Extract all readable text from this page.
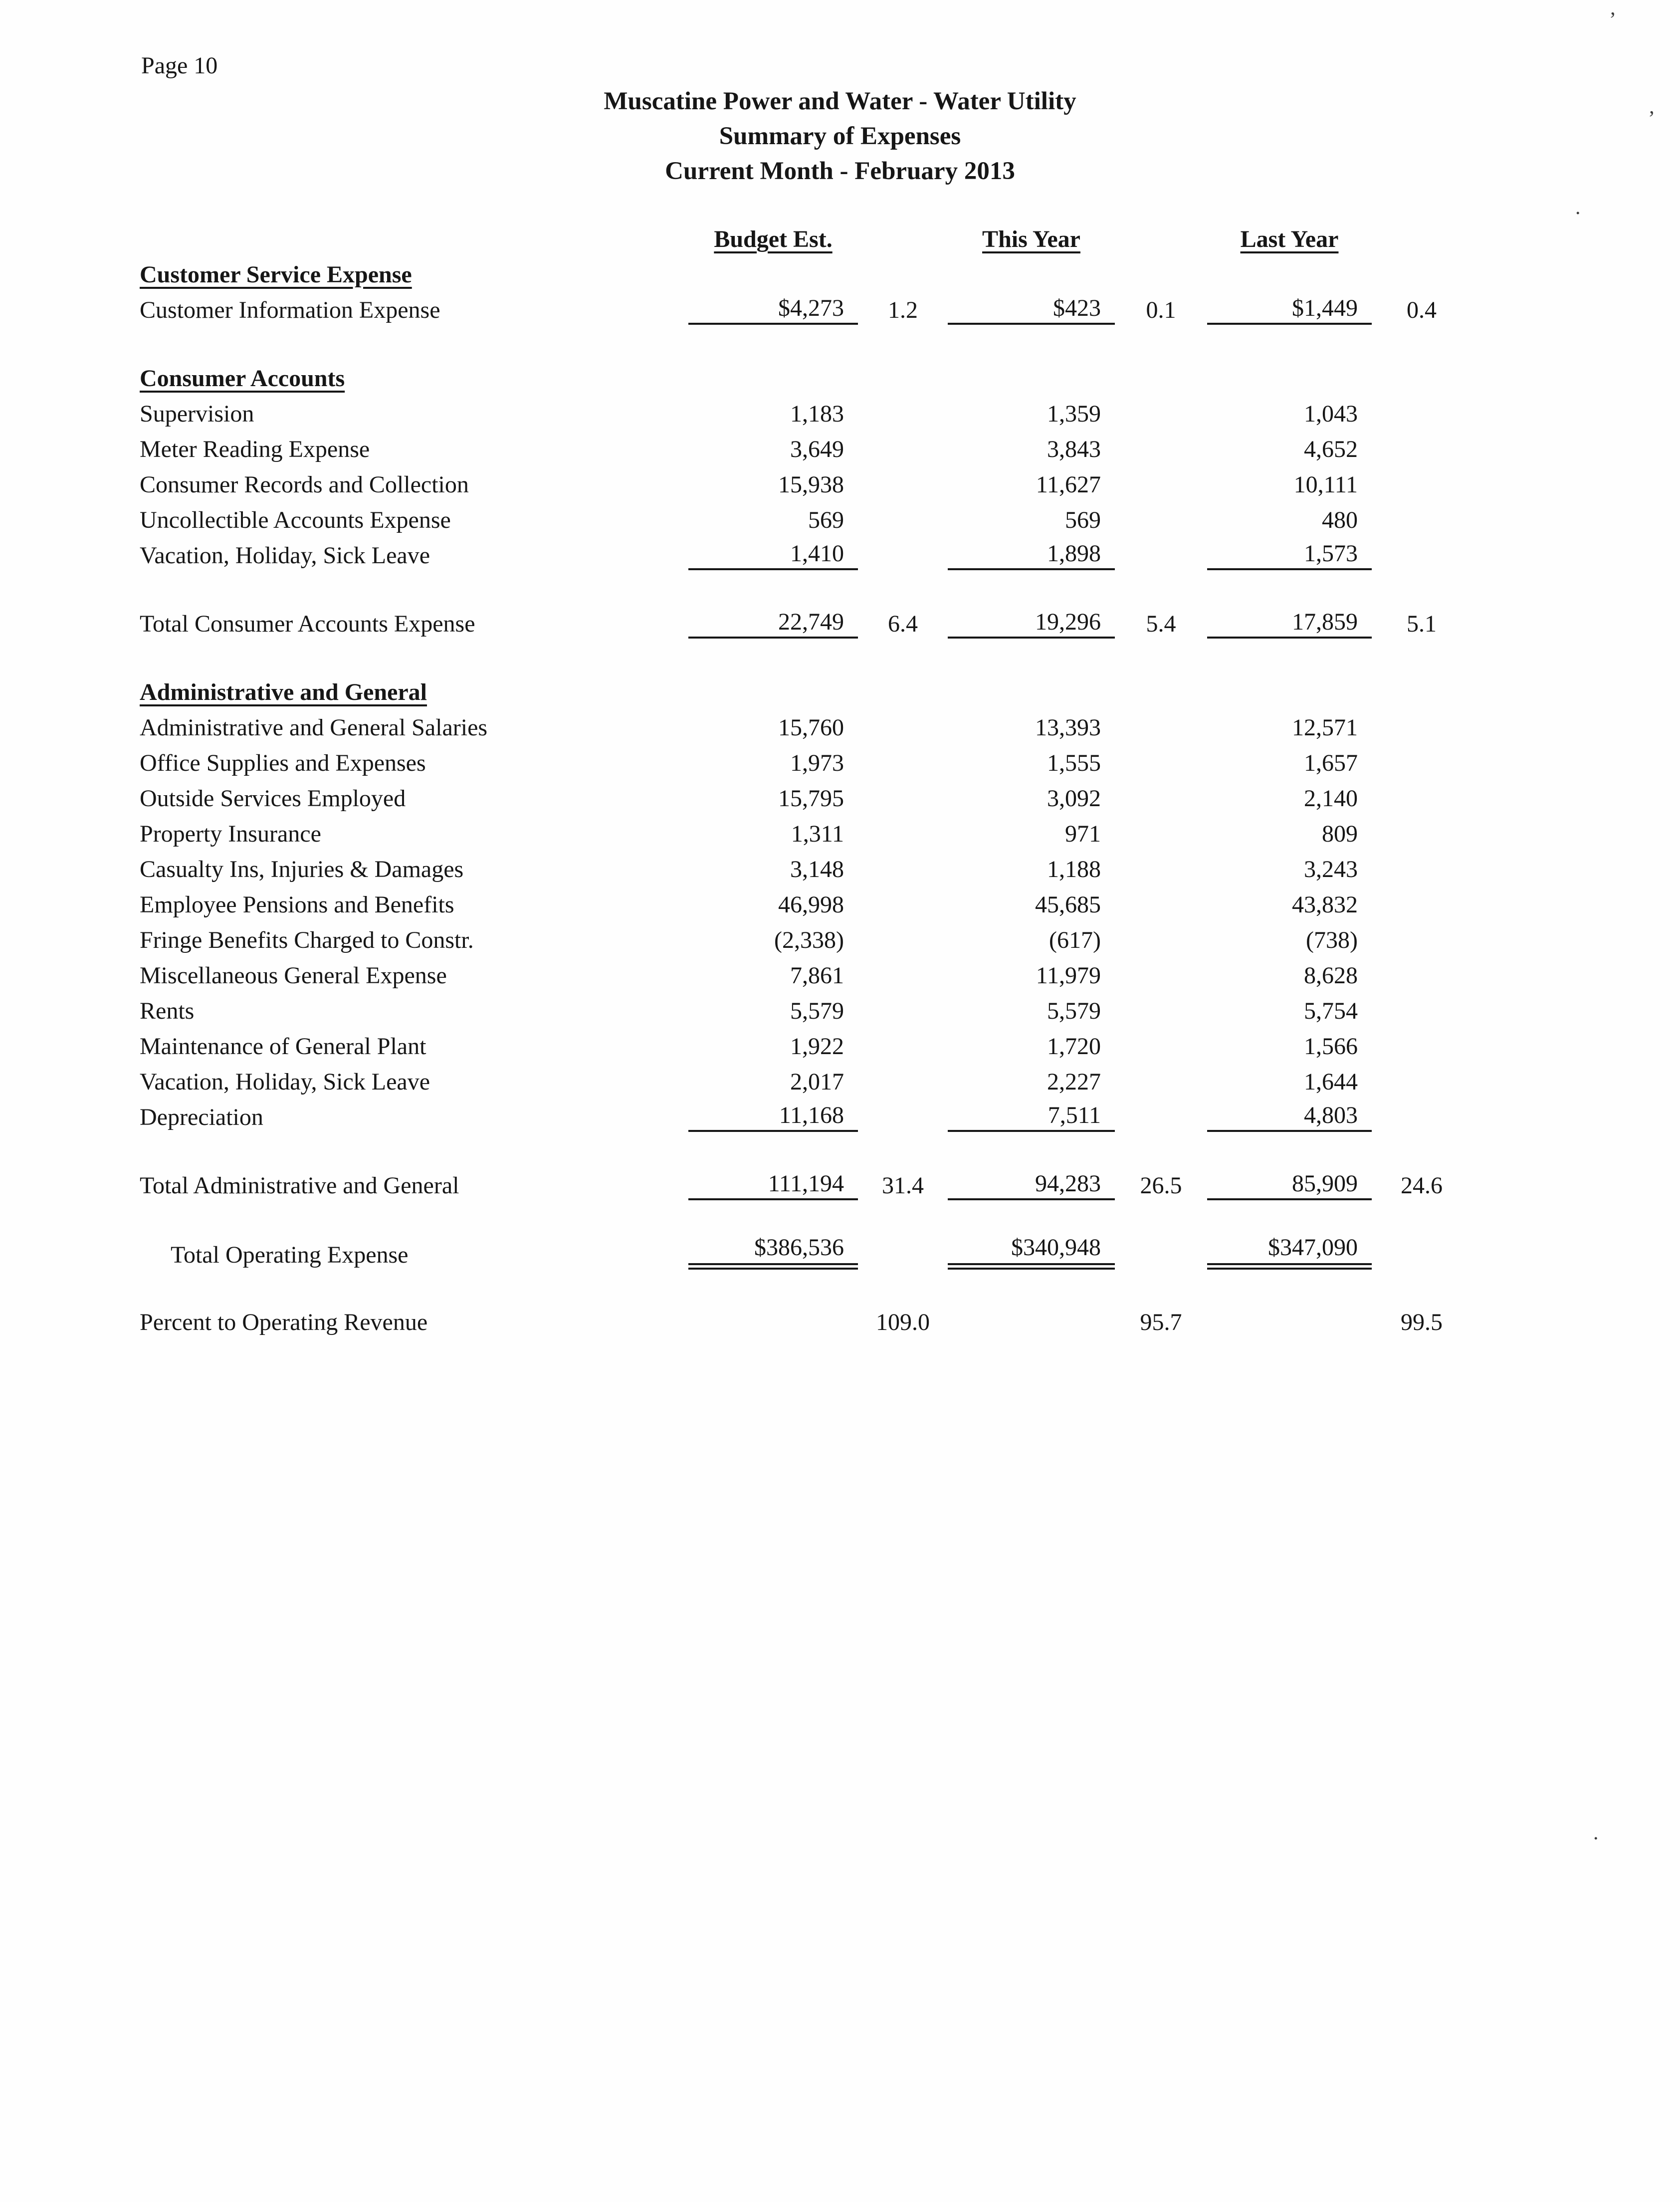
Page 10
Muscatine Power and Water - Water Utility
Summary of Expenses
Current Month - February 2013
Budget Est.	This Year	Last Year
Customer Service Expense
Customer Information Expense	$4,273	1.2	$423	0.1	$1,449	0.4
Consumer Accounts
Supervision	1,183	1,359	1,043
Meter Reading Expense	3,649	3,843	4,652
Consumer Records and Collection	15,938	11,627	10,111
Uncollectible Accounts Expense	569	569	480
Vacation, Holiday, Sick Leave	1,410	1,898	1,573
Total Consumer Accounts Expense	22,749	6.4	19,296	5.4	17,859	5.1
Administrative and General
Administrative and General Salaries	15,760	13,393	12,571
Office Supplies and Expenses	1,973	1,555	1,657
Outside Services Employed	15,795	3,092	2,140
Property Insurance	1,311	971	809
Casualty Ins, Injuries & Damages	3,148	1,188	3,243
Employee Pensions and Benefits	46,998	45,685	43,832
Fringe Benefits Charged to Constr.	(2,338)	(617)	(738)
Miscellaneous General Expense	7,861	11,979	8,628
Rents	5,579	5,579	5,754
Maintenance of General Plant	1,922	1,720	1,566
Vacation, Holiday, Sick Leave	2,017	2,227	1,644
Depreciation	11,168	7,511	4,803
Total Administrative and General	111,194	31.4	94,283	26.5	85,909	24.6
Total Operating Expense	$386,536	$340,948	$347,090
Percent to Operating Revenue	109.0	95.7	99.5
’
’
.
.
